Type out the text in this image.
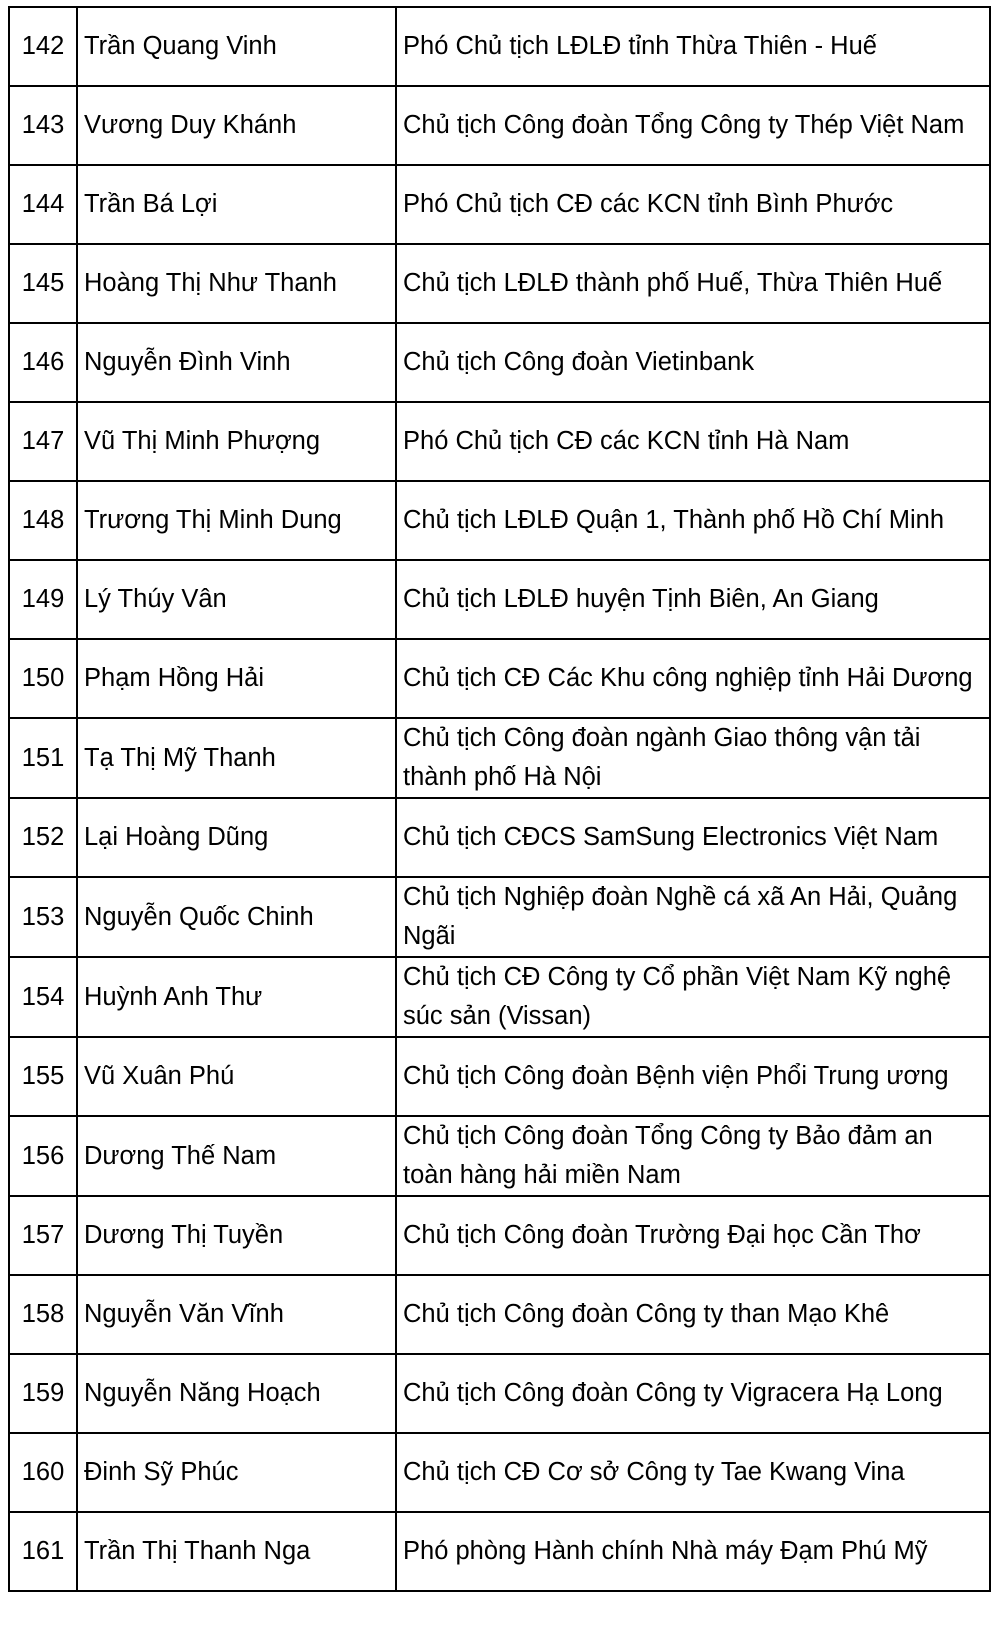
142	Trần Quang Vinh	Phó Chủ tịch LĐLĐ tỉnh Thừa Thiên - Huế
143	Vương Duy Khánh	Chủ tịch Công đoàn Tổng Công ty Thép Việt Nam
144	Trần Bá Lợi	Phó Chủ tịch CĐ các KCN tỉnh Bình Phước
145	Hoàng Thị Như Thanh	Chủ tịch LĐLĐ thành phố Huế, Thừa Thiên Huế
146	Nguyễn Đình Vinh	Chủ tịch Công đoàn Vietinbank
147	Vũ Thị Minh Phượng	Phó Chủ tịch CĐ các KCN tỉnh Hà Nam
148	Trương Thị Minh Dung	Chủ tịch LĐLĐ Quận 1, Thành phố Hồ Chí Minh
149	Lý Thúy Vân	Chủ tịch LĐLĐ huyện Tịnh Biên, An Giang
150	Phạm Hồng Hải	Chủ tịch CĐ Các Khu công nghiệp tỉnh Hải Dương
151	Tạ Thị Mỹ Thanh	Chủ tịch Công đoàn ngành Giao thông vận tải thành phố Hà Nội
152	Lại Hoàng Dũng	Chủ tịch CĐCS SamSung Electronics Việt Nam
153	Nguyễn Quốc Chinh	Chủ tịch Nghiệp đoàn Nghề cá xã An Hải, Quảng Ngãi
154	Huỳnh Anh Thư	Chủ tịch CĐ Công ty Cổ phần Việt Nam Kỹ nghệ súc sản (Vissan)
155	Vũ Xuân Phú	Chủ tịch Công đoàn Bệnh viện Phổi Trung ương
156	Dương Thế Nam	Chủ tịch Công đoàn Tổng Công ty Bảo đảm an toàn hàng hải miền Nam
157	Dương Thị Tuyền	Chủ tịch Công đoàn Trường Đại học Cần Thơ
158	Nguyễn Văn Vĩnh	Chủ tịch Công đoàn Công ty than Mạo Khê
159	Nguyễn Năng Hoạch	Chủ tịch Công đoàn Công ty Vigracera Hạ Long
160	Đinh Sỹ Phúc	Chủ tịch CĐ Cơ sở Công ty Tae Kwang Vina
161	Trần Thị Thanh Nga	Phó phòng Hành chính Nhà máy Đạm Phú Mỹ
